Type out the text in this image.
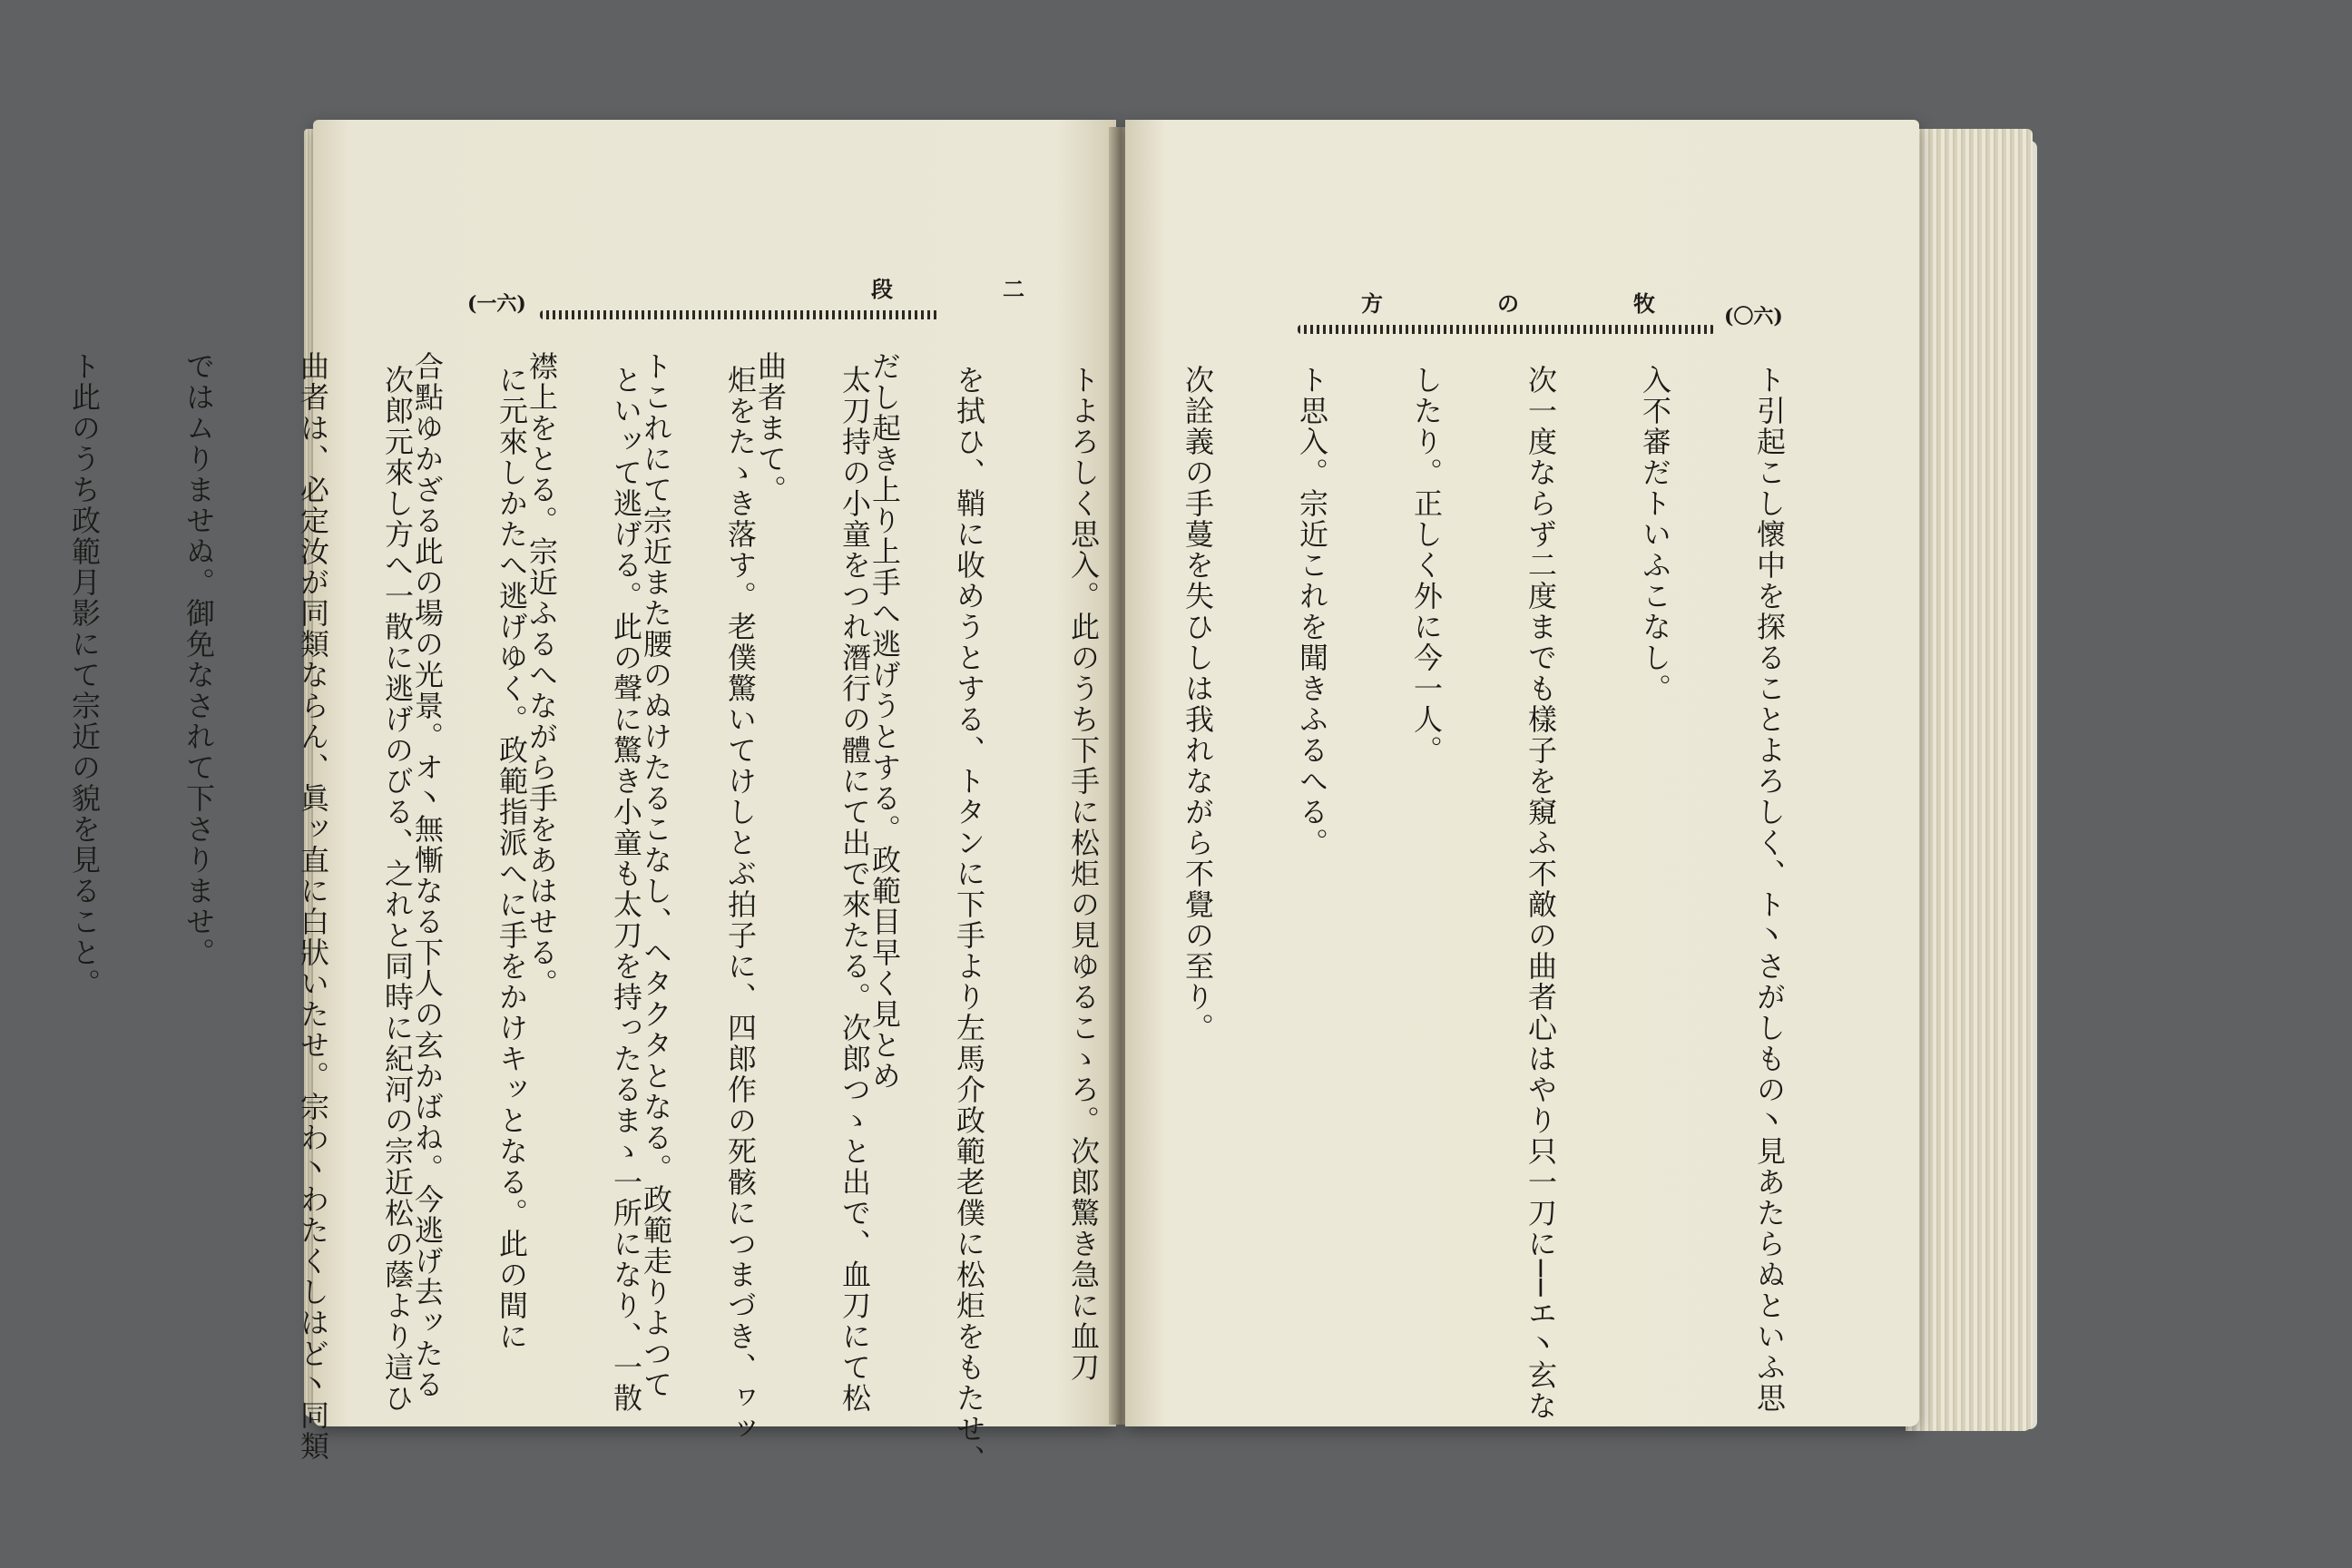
(一六)
段	二

だし起き上り上手へ逃げうとする。政範目早く見とめ

曲者まて。

トこれにて宗近また腰のぬけたるこなし、ヘタクタとなる。政範走りよつて

襟上をとる。宗近ふるへながら手をあはせる。

合點ゆかざる此の場の光景。オ丶無慚なる下人の玄かばね。今逃げ去ッたる

曲者は、必定汝が同類ならん、眞ッ直に白狀いたせ。宗わ丶わたくしはど丶同類

ではムりませぬ。御免なされて下さりませ。

ト此のうち政範月影にて宗近の貌を見ること。

方	の	牧
(〇六)

ト引起こし懷中を探ることよろしく、ト丶さがしもの丶見あたらぬといふ思

入不審だトいふこなし。

次一度ならず二度までも樣子を窺ふ不敵の曲者心はやり只一刀に──エ丶玄な

したり。正しく外に今一人。

ト思入。宗近これを聞きふるへる。

次詮義の手蔓を失ひしは我れながら不覺の至り。

トよろしく思入。此のうち下手に松炬の見ゆるこゝろ。次郎驚き急に血刀

を拭ひ、鞘に收めうとする、トタンに下手より左馬介政範老僕に松炬をもたせ、

太刀持の小童をつれ潛行の體にて出で來たる。次郎つゝと出で、血刀にて松

炬をたゝき落す。老僕驚いてけしとぶ拍子に、四郎作の死骸につまづき、ヮッ

といッて逃げる。此の聲に驚き小童も太刀を持ったるまゝ一所になり、一散

に元來しかたへ逃げゆく。政範指派へに手をかけキッとなる。此の間に

次郎元來し方へ一散に逃げのびる、之れと同時に紀河の宗近松の蔭より這ひ
